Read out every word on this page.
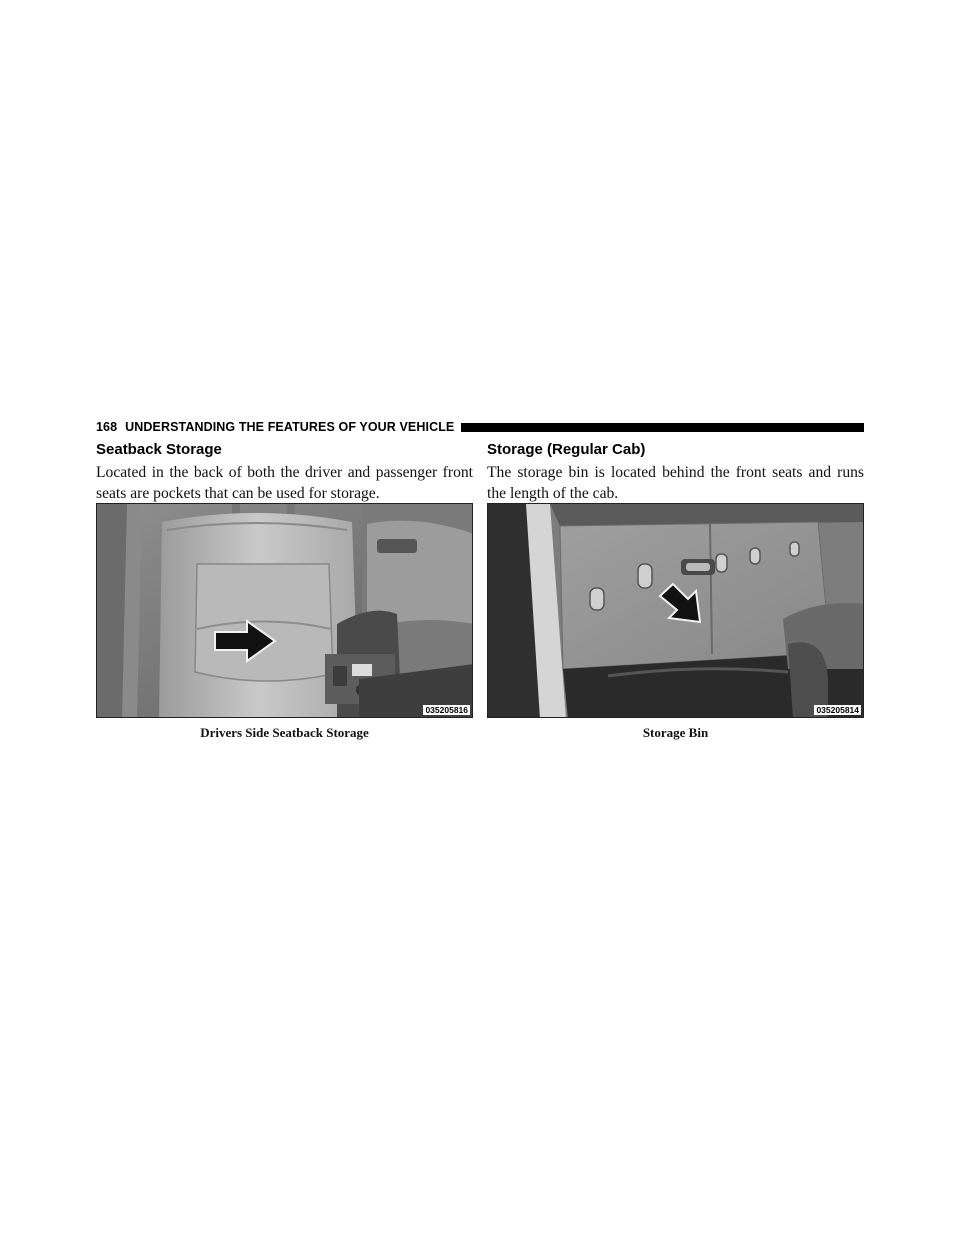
168 UNDERSTANDING THE FEATURES OF YOUR VEHICLE
Seatback Storage

Located in the back of both the driver and passenger front seats are pockets that can be used for storage.

Storage (Regular Cab)

The storage bin is located behind the front seats and runs the length of the cab.

035205816	035205814
Drivers Side Seatback Storage	Storage Bin
